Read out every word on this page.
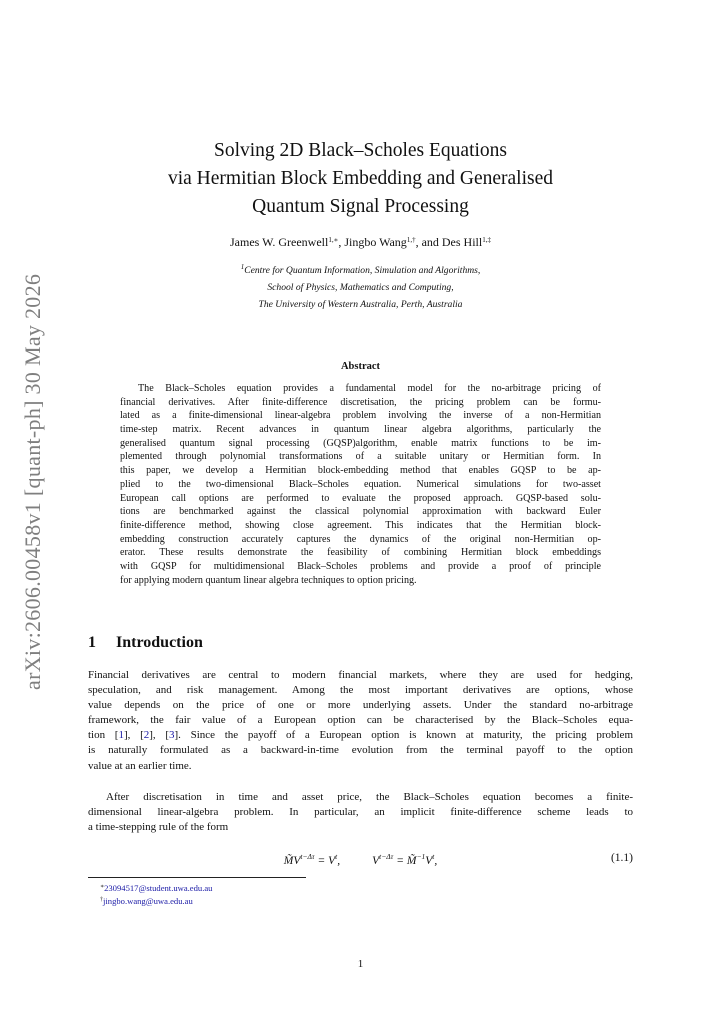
arXiv:2606.00458v1 [quant-ph] 30 May 2026
Solving 2D Black–Scholes Equations
via Hermitian Block Embedding and Generalised
Quantum Signal Processing
James W. Greenwell$^{1,∗}$, Jingbo Wang$^{1,\dagger}$, and Des Hill$^{1,\ddagger}$
$^1$Centre for Quantum Information, Simulation and Algorithms,
School of Physics, Mathematics and Computing,
The University of Western Australia, Perth, Australia
Abstract
The Black–Scholes equation provides a fundamental model for the no-arbitrage pricing of
financial derivatives. After finite-difference discretisation, the pricing problem can be formu-
lated as a finite-dimensional linear-algebra problem involving the inverse of a non-Hermitian
time-step matrix. Recent advances in quantum linear algebra algorithms, particularly the
generalised quantum signal processing (GQSP)algorithm, enable matrix functions to be im-
plemented through polynomial transformations of a suitable unitary or Hermitian form. In
this paper, we develop a Hermitian block-embedding method that enables GQSP to be ap-
plied to the two-dimensional Black–Scholes equation. Numerical simulations for two-asset
European call options are performed to evaluate the proposed approach. GQSP-based solu-
tions are benchmarked against the classical polynomial approximation with backward Euler
finite-difference method, showing close agreement. This indicates that the Hermitian block-
embedding construction accurately captures the dynamics of the original non-Hermitian op-
erator. These results demonstrate the feasibility of combining Hermitian block embeddings
with GQSP for multidimensional Black–Scholes problems and provide a proof of principle
for applying modern quantum linear algebra techniques to option pricing.
1 Introduction
Financial derivatives are central to modern financial markets, where they are used for hedging,
speculation, and risk management. Among the most important derivatives are options, whose
value depends on the price of one or more underlying assets. Under the standard no-arbitrage
framework, the fair value of a European option can be characterised by the Black–Scholes equa-
tion [1], [2], [3]. Since the payoff of a European option is known at maturity, the pricing problem
is naturally formulated as a backward-in-time evolution from the terminal payoff to the option
value at an earlier time.
After discretisation in time and asset price, the Black–Scholes equation becomes a finite-
dimensional linear-algebra problem. In particular, an implicit finite-difference scheme leads to
a time-stepping rule of the form
$M̃V^{t-\Delta\tau} = V^t$,	$V^{t-\Delta\tau}$ = $M̃^{-1}V^t$,	(1.1)
∗23094517@student.uwa.edu.au
†jingbo.wang@uwa.edu.au
1
